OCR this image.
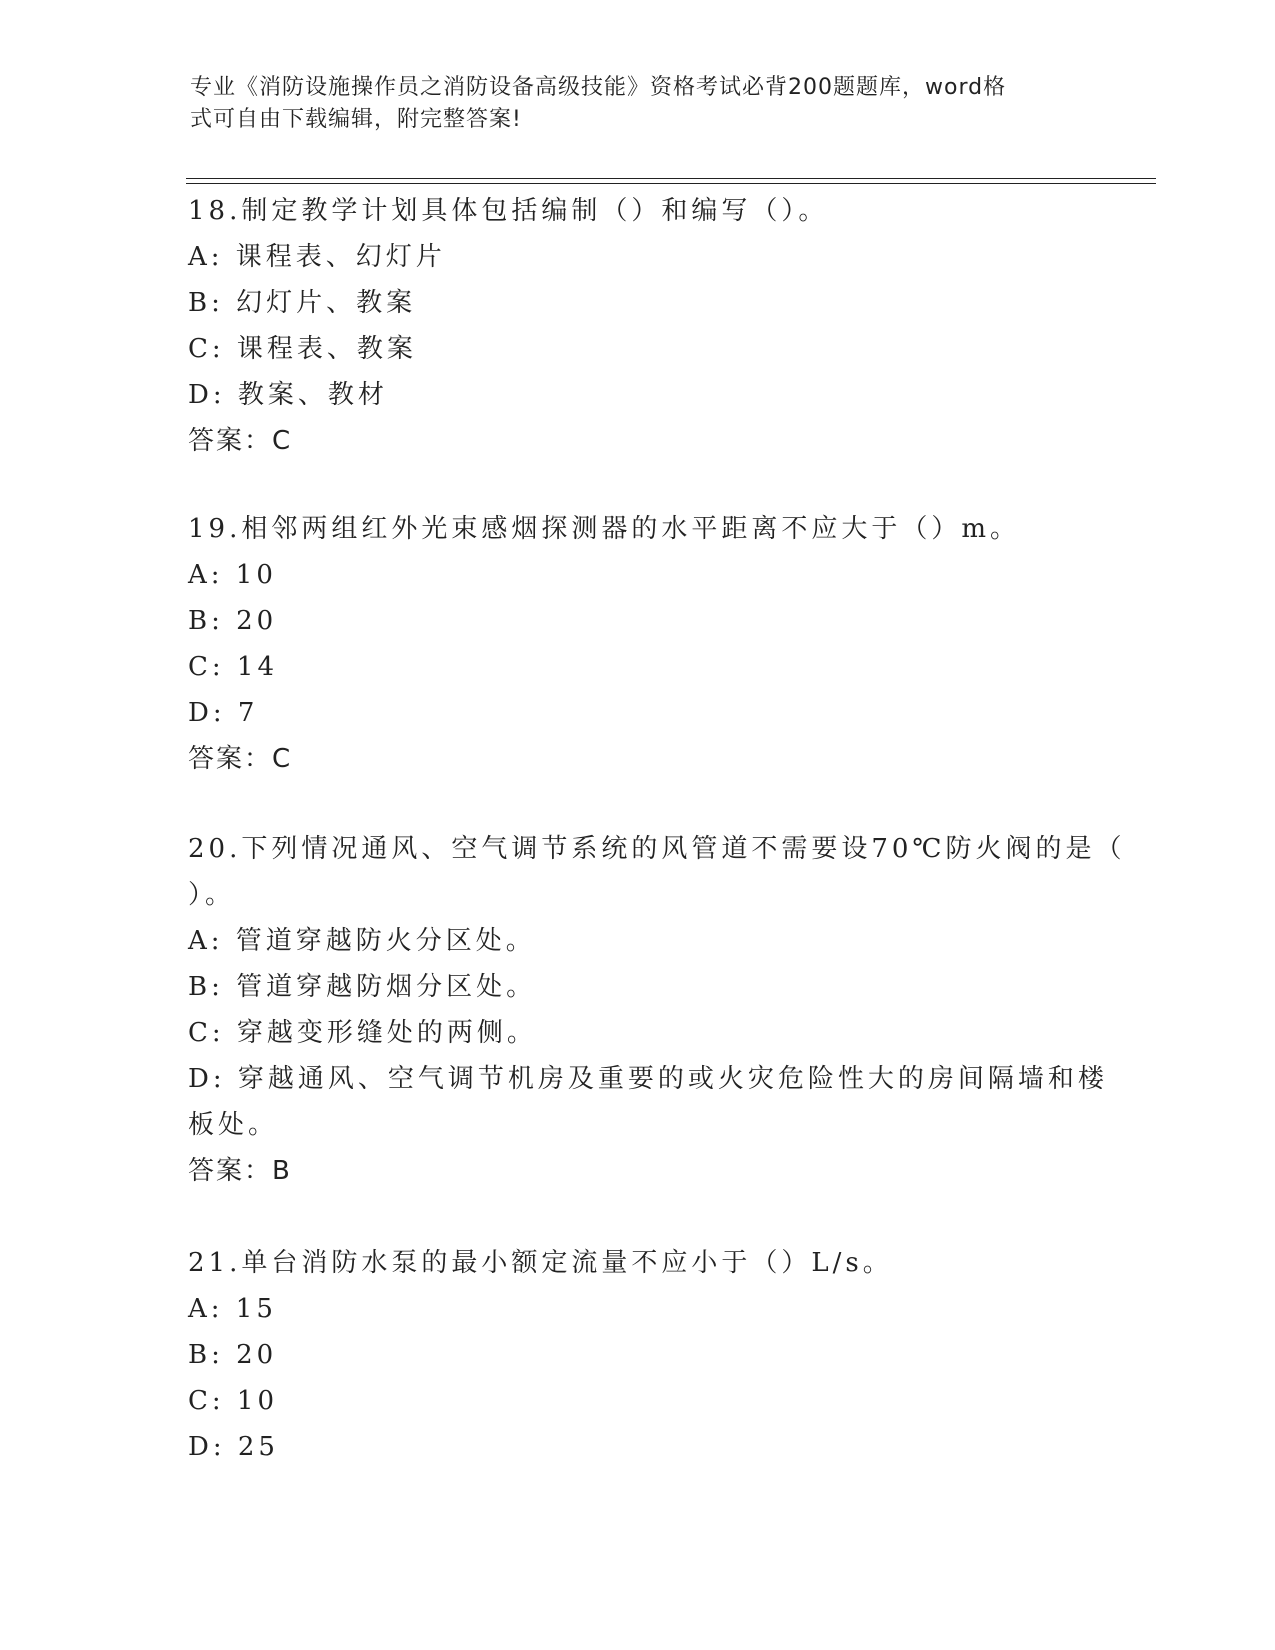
专业《消防设施操作员之消防设备高级技能》资格考试必背200题题库，word格
式可自由下载编辑，附完整答案!
18.制定教学计划具体包括编制（）和编写（）。
A: 课程表、幻灯片
B: 幻灯片、教案
C: 课程表、教案
D: 教案、教材
答案：C
19.相邻两组红外光束感烟探测器的水平距离不应大于（）m。
A: 10
B: 20
C: 14
D: 7
答案：C
20.下列情况通风、空气调节系统的风管道不需要设70℃防火阀的是（
）。
A: 管道穿越防火分区处。
B: 管道穿越防烟分区处。
C: 穿越变形缝处的两侧。
D: 穿越通风、空气调节机房及重要的或火灾危险性大的房间隔墙和楼
板处。
答案：B
21.单台消防水泵的最小额定流量不应小于（）L/s。
A: 15
B: 20
C: 10
D: 25
